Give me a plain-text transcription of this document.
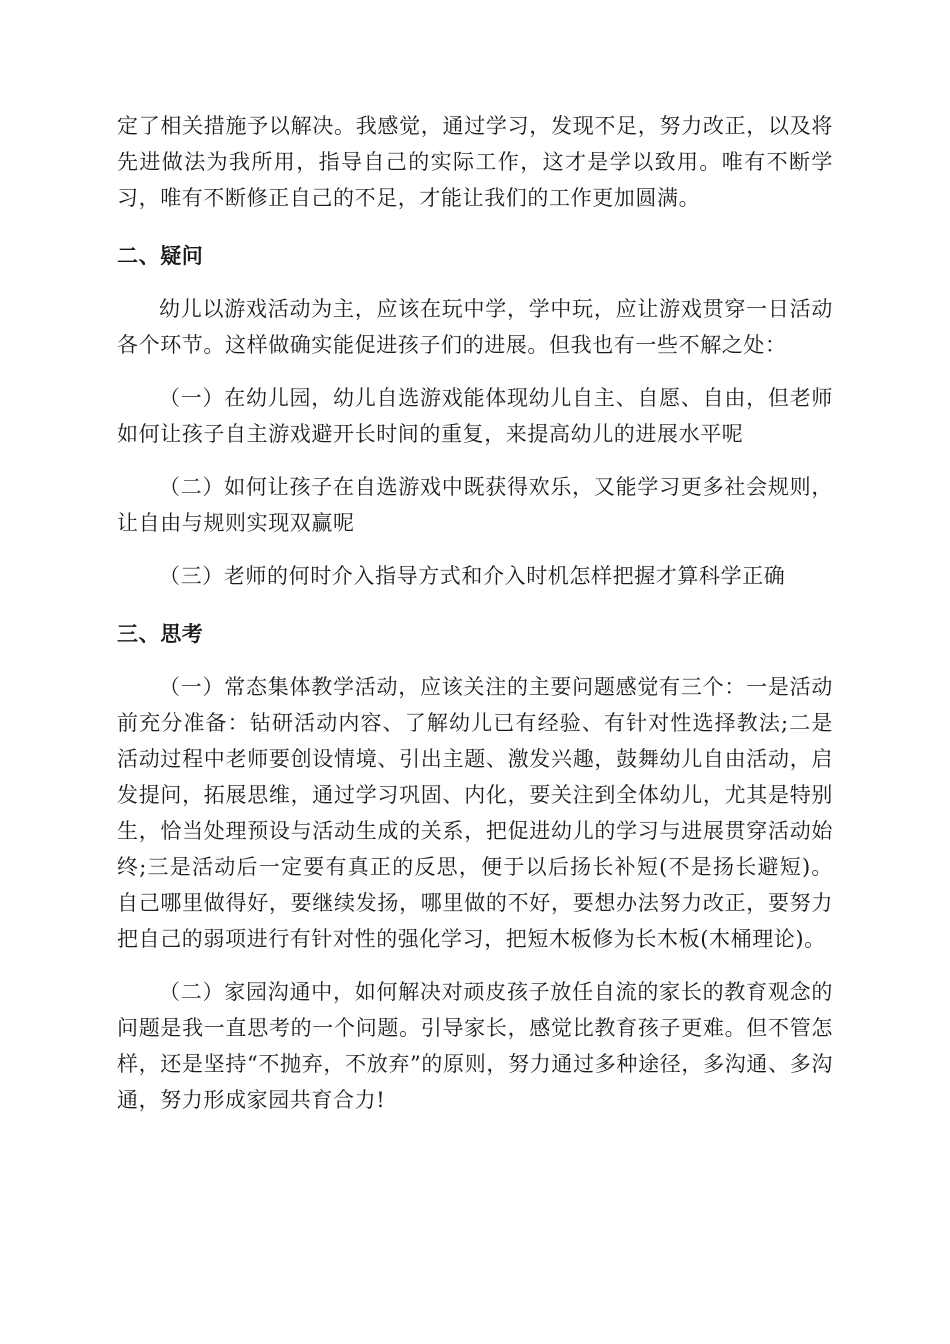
定了相关措施予以解决。我感觉，通过学习，发现不足，努力改正，以及将先进做法为我所用，指导自己的实际工作，这才是学以致用。唯有不断学习，唯有不断修正自己的不足，才能让我们的工作更加圆满。

二、疑问

幼儿以游戏活动为主，应该在玩中学，学中玩，应让游戏贯穿一日活动各个环节。这样做确实能促进孩子们的进展。但我也有一些不解之处：

（一）在幼儿园，幼儿自选游戏能体现幼儿自主、自愿、自由，但老师如何让孩子自主游戏避开长时间的重复，来提高幼儿的进展水平呢

（二）如何让孩子在自选游戏中既获得欢乐，又能学习更多社会规则，让自由与规则实现双赢呢

（三）老师的何时介入指导方式和介入时机怎样把握才算科学正确

三、思考

（一）常态集体教学活动，应该关注的主要问题感觉有三个：一是活动前充分准备：钻研活动内容、了解幼儿已有经验、有针对性选择教法;二是活动过程中老师要创设情境、引出主题、激发兴趣，鼓舞幼儿自由活动，启发提问，拓展思维，通过学习巩固、内化，要关注到全体幼儿，尤其是特别生，恰当处理预设与活动生成的关系，把促进幼儿的学习与进展贯穿活动始终;三是活动后一定要有真正的反思，便于以后扬长补短(不是扬长避短)。自己哪里做得好，要继续发扬，哪里做的不好，要想办法努力改正，要努力把自己的弱项进行有针对性的强化学习，把短木板修为长木板(木桶理论)。

（二）家园沟通中，如何解决对顽皮孩子放任自流的家长的教育观念的问题是我一直思考的一个问题。引导家长，感觉比教育孩子更难。但不管怎样，还是坚持“不抛弃，不放弃”的原则，努力通过多种途径，多沟通、多沟通，努力形成家园共育合力!
